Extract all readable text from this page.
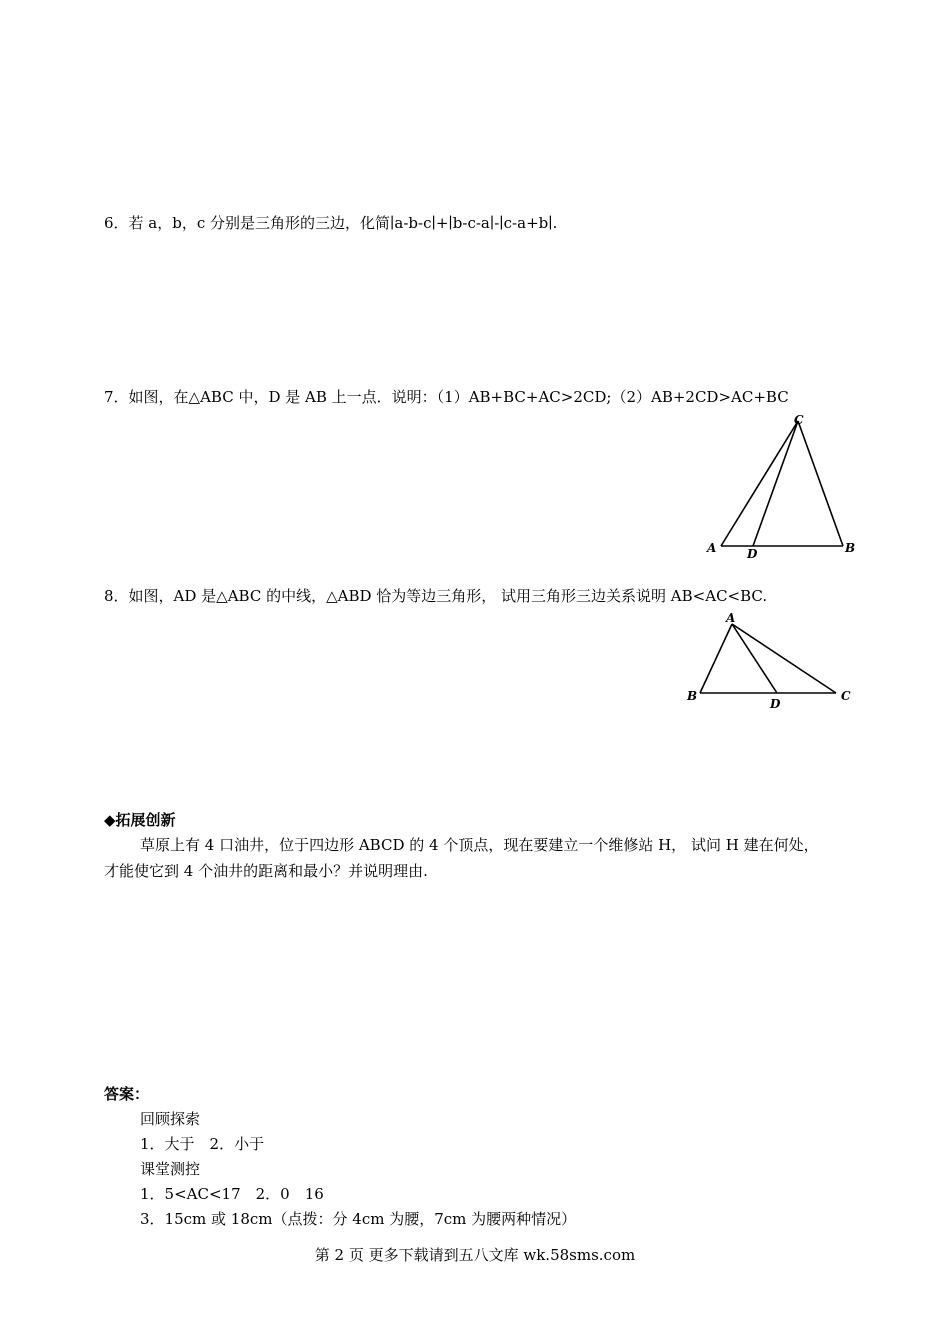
6．若 a，b，c 分别是三角形的三边，化简∣a-b-c∣+∣b-c-a∣-∣c-a+b∣.
7．如图，在△ABC 中，D 是 AB 上一点．说明：（1）AB+BC+AC>2CD;（2）AB+2CD>AC+BC
C
A	D	B
8．如图，AD 是△ABC 的中线，△ABD 恰为等边三角形， 试用三角形三边关系说明 AB<AC<BC.
A
B
D
C
◆拓展创新
草原上有 4 口油井，位于四边形 ABCD 的 4 个顶点，现在要建立一个维修站 H， 试问 H 建在何处，
才能使它到 4 个油井的距离和最小？并说明理由.
答案：
回顾探索
1．大于　2．小于
课堂测控
1．5<AC<17　2．0　16
3．15cm 或 18cm（点拨：分 4cm 为腰，7cm 为腰两种情况）
第 2 页 更多下载请到五八文库 wk.58sms.com
